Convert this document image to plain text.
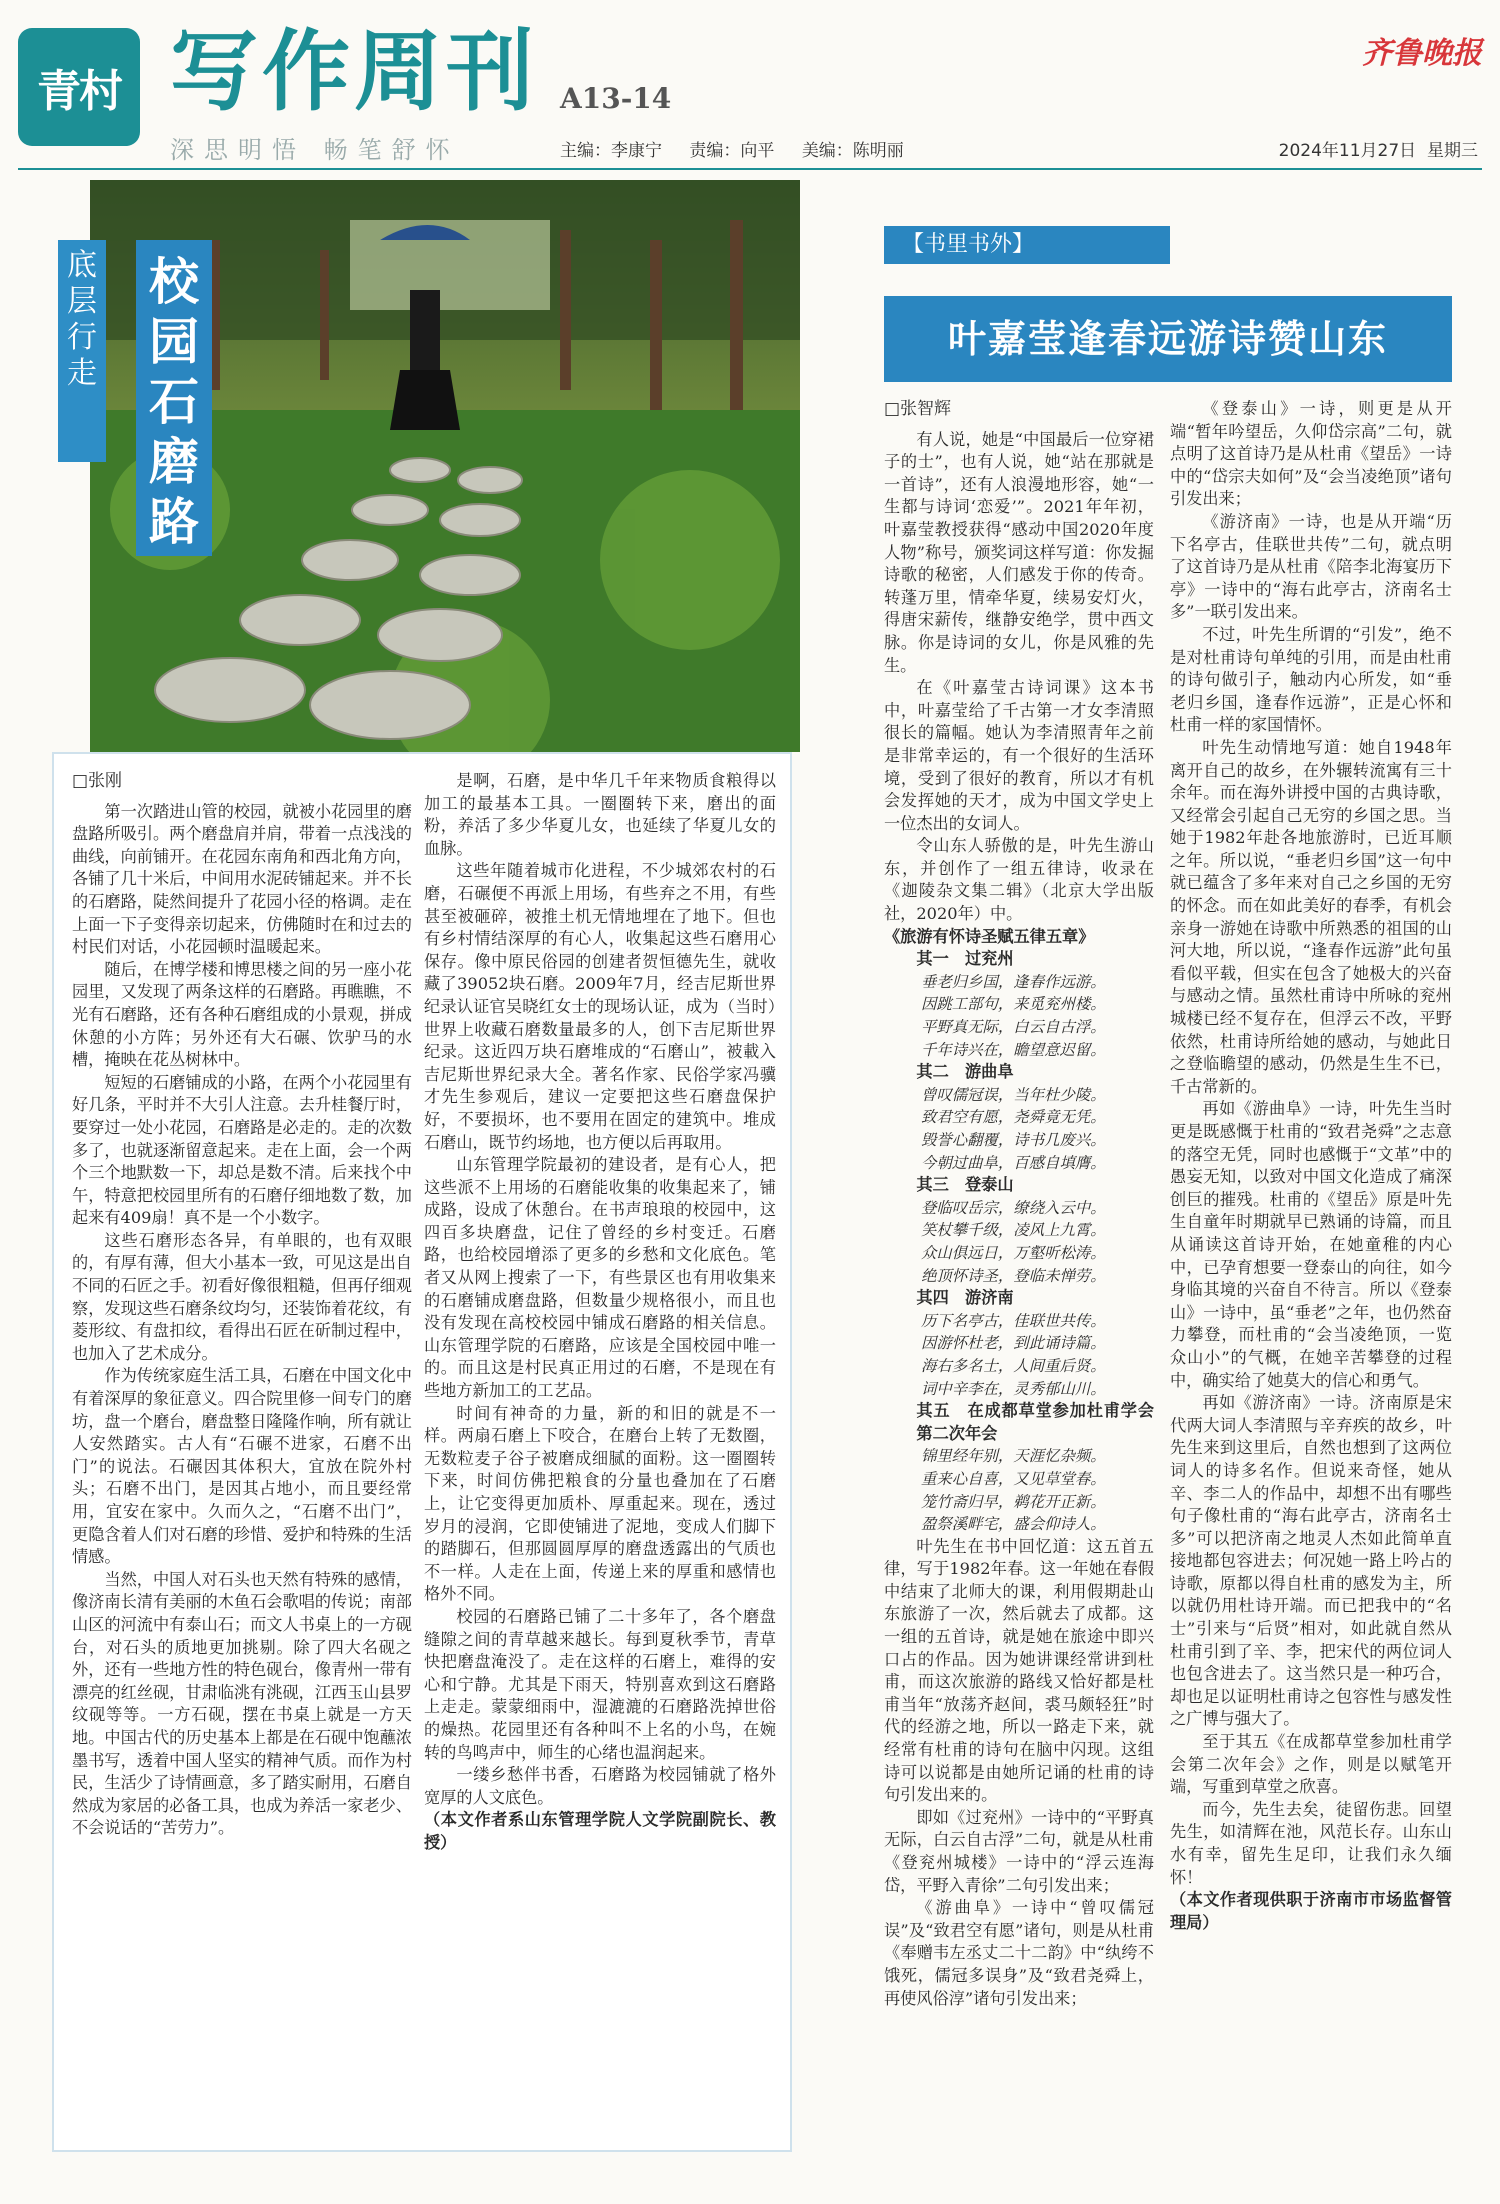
青村 写作周刊 A13-14
深思明悟 畅笔舒怀	主编：李康宁 责编：向平 美编：陈明丽
齐鲁晚报
2024年11月27日 星期三
底层行走
校园石磨路
□张刚

第一次踏进山管的校园，就被小花园里的磨盘路所吸引。两个磨盘肩并肩，带着一点浅浅的曲线，向前铺开。在花园东南角和西北角方向，各铺了几十米后，中间用水泥砖铺起来。并不长的石磨路，陡然间提升了花园小径的格调。走在上面一下子变得亲切起来，仿佛随时在和过去的村民们对话，小花园顿时温暖起来。

随后，在博学楼和博思楼之间的另一座小花园里，又发现了两条这样的石磨路。再瞧瞧，不光有石磨路，还有各种石磨组成的小景观，拼成休憩的小方阵；另外还有大石碾、饮驴马的水槽，掩映在花丛树林中。

短短的石磨铺成的小路，在两个小花园里有好几条，平时并不大引人注意。去升桂餐厅时，要穿过一处小花园，石磨路是必走的。走的次数多了，也就逐渐留意起来。走在上面，会一个两个三个地默数一下，却总是数不清。后来找个中午，特意把校园里所有的石磨仔细地数了数，加起来有409扇！真不是一个小数字。

这些石磨形态各异，有单眼的，也有双眼的，有厚有薄，但大小基本一致，可见这是出自不同的石匠之手。初看好像很粗糙，但再仔细观察，发现这些石磨条纹均匀，还装饰着花纹，有菱形纹、有盘扣纹，看得出石匠在斫制过程中，也加入了艺术成分。

作为传统家庭生活工具，石磨在中国文化中有着深厚的象征意义。四合院里修一间专门的磨坊，盘一个磨台，磨盘整日隆隆作响，所有就让人安然踏实。古人有“石碾不进家，石磨不出门”的说法。石碾因其体积大，宜放在院外村头；石磨不出门，是因其占地小，而且要经常用，宜安在家中。久而久之，“石磨不出门”，更隐含着人们对石磨的珍惜、爱护和特殊的生活情感。

当然，中国人对石头也天然有特殊的感情，像济南长清有美丽的木鱼石会歌唱的传说；南部山区的河流中有泰山石；而文人书桌上的一方砚台，对石头的质地更加挑剔。除了四大名砚之外，还有一些地方性的特色砚台，像青州一带有漂亮的红丝砚，甘肃临洮有洮砚，江西玉山县罗纹砚等等。一方石砚，摆在书桌上就是一方天地。中国古代的历史基本上都是在石砚中饱蘸浓墨书写，透着中国人坚实的精神气质。而作为村民，生活少了诗情画意，多了踏实耐用，石磨自然成为家居的必备工具，也成为养活一家老少、不会说话的“苦劳力”。

是啊，石磨，是中华几千年来物质食粮得以加工的最基本工具。一圈圈转下来，磨出的面粉，养活了多少华夏儿女，也延续了华夏儿女的血脉。

这些年随着城市化进程，不少城郊农村的石磨，石碾便不再派上用场，有些弃之不用，有些甚至被砸碎，被推土机无情地埋在了地下。但也有乡村情结深厚的有心人，收集起这些石磨用心保存。像中原民俗园的创建者贺恒德先生，就收藏了39052块石磨。2009年7月，经吉尼斯世界纪录认证官吴晓红女士的现场认证，成为（当时）世界上收藏石磨数量最多的人，创下吉尼斯世界纪录。这近四万块石磨堆成的“石磨山”，被載入吉尼斯世界纪录大全。著名作家、民俗学家冯骥才先生参观后，建议一定要把这些石磨盘保护好，不要损坏，也不要用在固定的建筑中。堆成石磨山，既节约场地，也方便以后再取用。

山东管理学院最初的建设者，是有心人，把这些派不上用场的石磨能收集的收集起来了，铺成路，设成了休憩台。在书声琅琅的校园中，这四百多块磨盘，记住了曾经的乡村变迁。石磨路，也给校园增添了更多的乡愁和文化底色。笔者又从网上搜索了一下，有些景区也有用收集来的石磨铺成磨盘路，但数量少规格很小，而且也没有发现在高校校园中铺成石磨路的相关信息。山东管理学院的石磨路，应该是全国校园中唯一的。而且这是村民真正用过的石磨，不是现在有些地方新加工的工艺品。

时间有神奇的力量，新的和旧的就是不一样。两扇石磨上下咬合，在磨台上转了无数圈，无数粒麦子谷子被磨成细腻的面粉。这一圈圈转下来，时间仿佛把粮食的分量也叠加在了石磨上，让它变得更加质朴、厚重起来。现在，透过岁月的浸润，它即使铺进了泥地，变成人们脚下的踏脚石，但那圆圆厚厚的磨盘透露出的气质也不一样。人走在上面，传递上来的厚重和感情也格外不同。

校园的石磨路已铺了二十多年了，各个磨盘缝隙之间的青草越来越长。每到夏秋季节，青草快把磨盘淹没了。走在这样的石磨上，难得的安心和宁静。尤其是下雨天，特别喜欢到这石磨路上走走。蒙蒙细雨中，湿漉漉的石磨路洗掉世俗的燥热。花园里还有各种叫不上名的小鸟，在婉转的鸟鸣声中，师生的心绪也温润起来。

一缕乡愁伴书香，石磨路为校园铺就了格外宽厚的人文底色。

（本文作者系山东管理学院人文学院副院长、教授）

【书里书外】
叶嘉莹逢春远游诗赞山东
□张智辉

有人说，她是“中国最后一位穿裙子的士”，也有人说，她“站在那就是一首诗”，还有人浪漫地形容，她“一生都与诗词‘恋爱’”。2021年年初，叶嘉莹教授获得“感动中国2020年度人物”称号，颁奖词这样写道：你发掘诗歌的秘密，人们感发于你的传奇。转蓬万里，情牵华夏，续易安灯火，得唐宋薪传，继静安绝学，贯中西文脉。你是诗词的女儿，你是风雅的先生。

在《叶嘉莹古诗词课》这本书中，叶嘉莹给了千古第一才女李清照很长的篇幅。她认为李清照青年之前是非常幸运的，有一个很好的生活环境，受到了很好的教育，所以才有机会发挥她的天才，成为中国文学史上一位杰出的女词人。

令山东人骄傲的是，叶先生游山东，并创作了一组五律诗，收录在《迦陵杂文集二辑》（北京大学出版社，2020年）中。

《旅游有怀诗圣赋五律五章》

其一　过兖州

垂老归乡国，逢春作远游。

因跳工部句，来觅兖州楼。

平野真无际，白云自古浮。

千年诗兴在，瞻望意迟留。

其二　游曲阜

曾叹儒冠误，当年杜少陵。

致君空有愿，尧舜竟无凭。

毁誉心翻覆，诗书几废兴。

今朝过曲阜，百感自填膺。

其三　登泰山

登临叹岳宗，缭绕入云中。

笑杖攀千级，凌风上九霄。

众山俱远日，万壑听松涛。

绝顶怀诗圣，登临未惮劳。

其四　游济南

历下名亭古，佳联世共传。

因游怀杜老，到此诵诗篇。

海右多名士，人间重后贤。

词中辛李在，灵秀郁山川。

其五　在成都草堂参加杜甫学会第二次年会

锦里经年别，天涯忆杂频。

重来心自喜，又见草堂春。

笼竹斋归早，鹈花开正新。

盈祭溪畔宅，盛会仰诗人。

叶先生在书中回忆道：这五首五律，写于1982年春。这一年她在春假中结束了北师大的课，利用假期赴山东旅游了一次，然后就去了成都。这一组的五首诗，就是她在旅途中即兴口占的作品。因为她讲课经常讲到杜甫，而这次旅游的路线又恰好都是杜甫当年“放荡齐赵间，裘马颇轻狂”时代的经游之地，所以一路走下来，就经常有杜甫的诗句在脑中闪现。这组诗可以说都是由她所记诵的杜甫的诗句引发出来的。

即如《过兖州》一诗中的“平野真无际，白云自古浮”二句，就是从杜甫《登兖州城楼》一诗中的“浮云连海岱，平野入青徐”二句引发出来；

《游曲阜》一诗中“曾叹儒冠误”及“致君空有愿”诸句，则是从杜甫《奉赠韦左丞丈二十二韵》中“纨绔不饿死，儒冠多误身”及“致君尧舜上，再使风俗淳”诸句引发出来；

《登泰山》一诗，则更是从开端“暂年吟望岳，久仰岱宗高”二句，就点明了这首诗乃是从杜甫《望岳》一诗中的“岱宗夫如何”及“会当凌绝顶”诸句引发出来；

《游济南》一诗，也是从开端“历下名亭古，佳联世共传”二句，就点明了这首诗乃是从杜甫《陪李北海宴历下亭》一诗中的“海右此亭古，济南名士多”一联引发出来。

不过，叶先生所谓的“引发”，绝不是对杜甫诗句单纯的引用，而是由杜甫的诗句做引子，触动内心所发，如“垂老归乡国，逢春作远游”，正是心怀和杜甫一样的家国情怀。

叶先生动情地写道：她自1948年离开自己的故乡，在外辗转流寓有三十余年。而在海外讲授中国的古典诗歌，又经常会引起自己无穷的乡国之思。当她于1982年赴各地旅游时，已近耳顺之年。所以说，“垂老归乡国”这一句中就已蕴含了多年来对自己之乡国的无穷的怀念。而在如此美好的春季，有机会亲身一游她在诗歌中所熟悉的祖国的山河大地，所以说，“逢春作远游”此句虽看似平载，但实在包含了她极大的兴奋与感动之情。虽然杜甫诗中所咏的兖州城楼已经不复存在，但浮云不改，平野依然，杜甫诗所给她的感动，与她此日之登临瞻望的感动，仍然是生生不已，千古常新的。

再如《游曲阜》一诗，叶先生当时更是既感慨于杜甫的“致君尧舜”之志意的落空无凭，同时也感慨于“文革”中的愚妄无知，以致对中国文化造成了痛深创巨的摧残。杜甫的《望岳》原是叶先生自童年时期就早已熟诵的诗篇，而且从诵读这首诗开始，在她童稚的内心中，已孕育想要一登泰山的向往，如今身临其境的兴奋自不待言。所以《登泰山》一诗中，虽“垂老”之年，也仍然奋力攀登，而杜甫的“会当凌绝顶，一览众山小”的气概，在她辛苦攀登的过程中，确实给了她莫大的信心和勇气。

再如《游济南》一诗。济南原是宋代两大词人李清照与辛弃疾的故乡，叶先生来到这里后，自然也想到了这两位词人的诗多名作。但说来奇怪，她从辛、李二人的作品中，却想不出有哪些句子像杜甫的“海右此亭古，济南名士多”可以把济南之地灵人杰如此简单直接地都包容进去；何况她一路上吟占的诗歌，原都以得自杜甫的感发为主，所以就仍用杜诗开端。而已把我中的“名士”引来与“后贤”相对，如此就自然从杜甫引到了辛、李，把宋代的两位词人也包含进去了。这当然只是一种巧合，却也足以证明杜甫诗之包容性与感发性之广博与强大了。

至于其五《在成都草堂参加杜甫学会第二次年会》之作，则是以赋笔开端，写重到草堂之欣喜。

而今，先生去矣，徒留伤悲。回望先生，如清辉在池，风范长存。山东山水有幸，留先生足印，让我们永久缅怀！

（本文作者现供职于济南市市场监督管理局）
